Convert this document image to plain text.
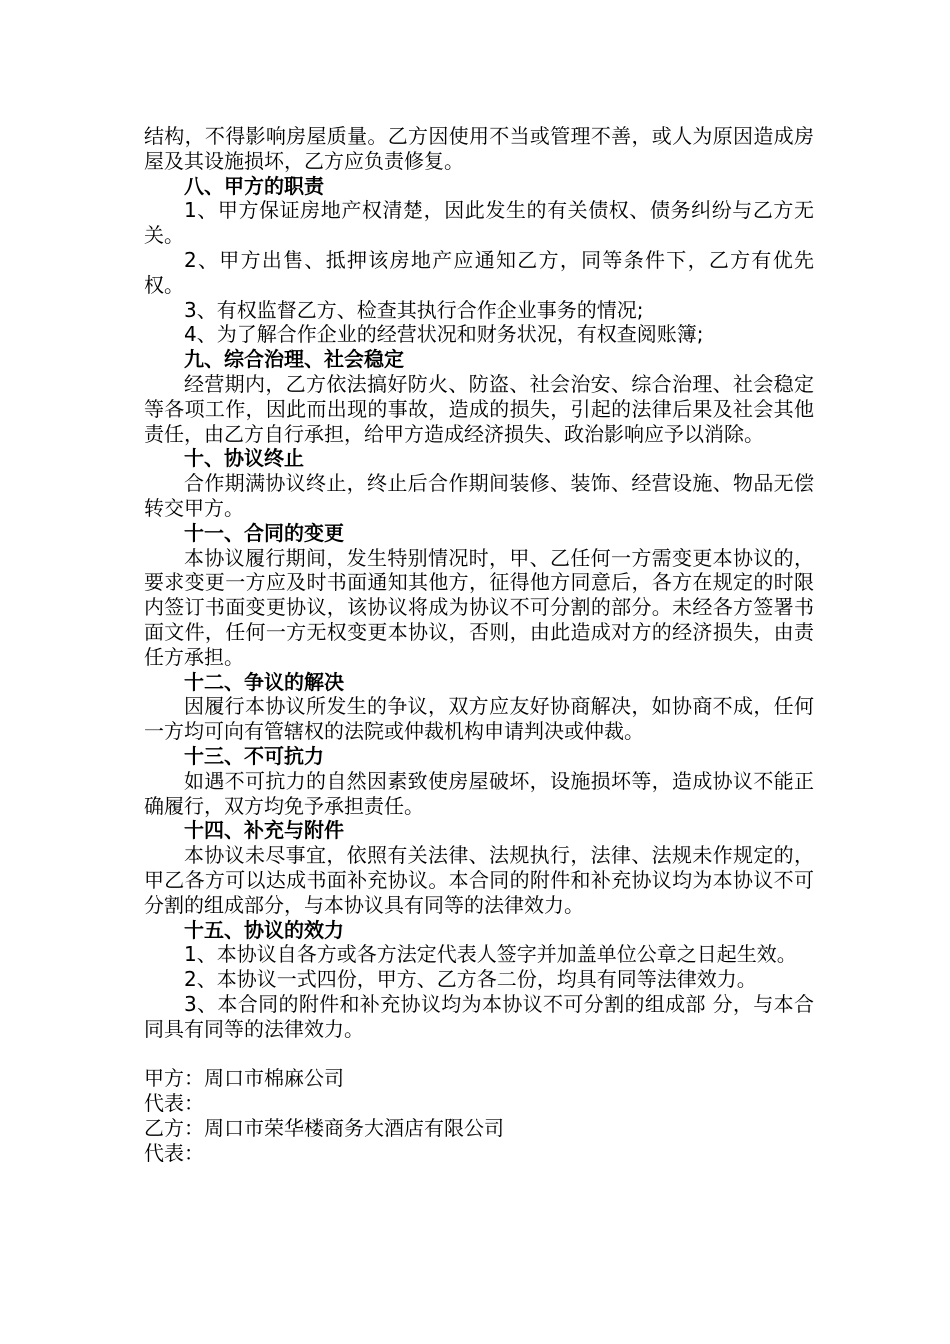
结构，不得影响房屋质量。乙方因使用不当或管理不善，或人为原因造成房屋及其设施损坏，乙方应负责修复。

八、甲方的职责

1、甲方保证房地产权清楚，因此发生的有关债权、债务纠纷与乙方无关。

2、甲方出售、抵押该房地产应通知乙方，同等条件下，乙方有优先权。

3、有权监督乙方、检查其执行合作企业事务的情况;

4、为了解合作企业的经营状况和财务状况，有权查阅账簿;

九、综合治理、社会稳定

经营期内，乙方依法搞好防火、防盗、社会治安、综合治理、社会稳定等各项工作，因此而出现的事故，造成的损失，引起的法律后果及社会其他责任，由乙方自行承担，给甲方造成经济损失、政治影响应予以消除。

十、协议终止

合作期满协议终止，终止后合作期间装修、装饰、经营设施、物品无偿转交甲方。

十一、合同的变更

本协议履行期间，发生特别情况时，甲、乙任何一方需变更本协议的，要求变更一方应及时书面通知其他方，征得他方同意后，各方在规定的时限内签订书面变更协议，该协议将成为协议不可分割的部分。未经各方签署书面文件，任何一方无权变更本协议，否则，由此造成对方的经济损失，由责任方承担。

十二、争议的解决

因履行本协议所发生的争议，双方应友好协商解决，如协商不成，任何一方均可向有管辖权的法院或仲裁机构申请判决或仲裁。

十三、不可抗力

如遇不可抗力的自然因素致使房屋破坏，设施损坏等，造成协议不能正确履行，双方均免予承担责任。

十四、补充与附件

本协议未尽事宜，依照有关法律、法规执行，法律、法规未作规定的，甲乙各方可以达成书面补充协议。本合同的附件和补充协议均为本协议不可分割的组成部分，与本协议具有同等的法律效力。

十五、协议的效力

1、本协议自各方或各方法定代表人签字并加盖单位公章之日起生效。

2、本协议一式四份，甲方、乙方各二份，均具有同等法律效力。

3、本合同的附件和补充协议均为本协议不可分割的组成部 分，与本合同具有同等的法律效力。

甲方：周口市棉麻公司

代表：

乙方：周口市荣华楼商务大酒店有限公司

代表：
